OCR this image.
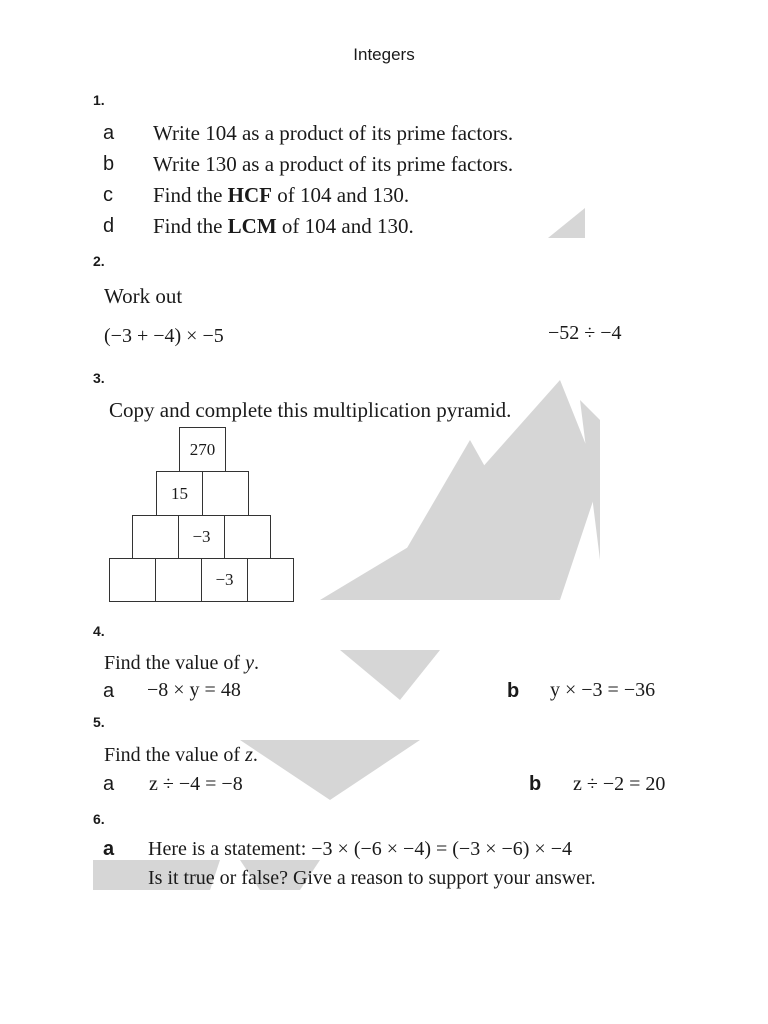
Integers
1.
a Write 104 as a product of its prime factors.
b Write 130 as a product of its prime factors.
c Find the HCF of 104 and 130.
d Find the LCM of 104 and 130.
2.
Work out
(−3 + −4) × −5	−52 ÷ −4
3.
Copy and complete this multiplication pyramid.
270
15
−3
−3
4.
Find the value of y.
a −8 × y = 48	b y × −3 = −36
5.
Find the value of z.
a z ÷ −4 = −8	b z ÷ −2 = 20
6.
a Here is a statement: −3 × (−6 × −4) = (−3 × −6) × −4
Is it true or false? Give a reason to support your answer.
